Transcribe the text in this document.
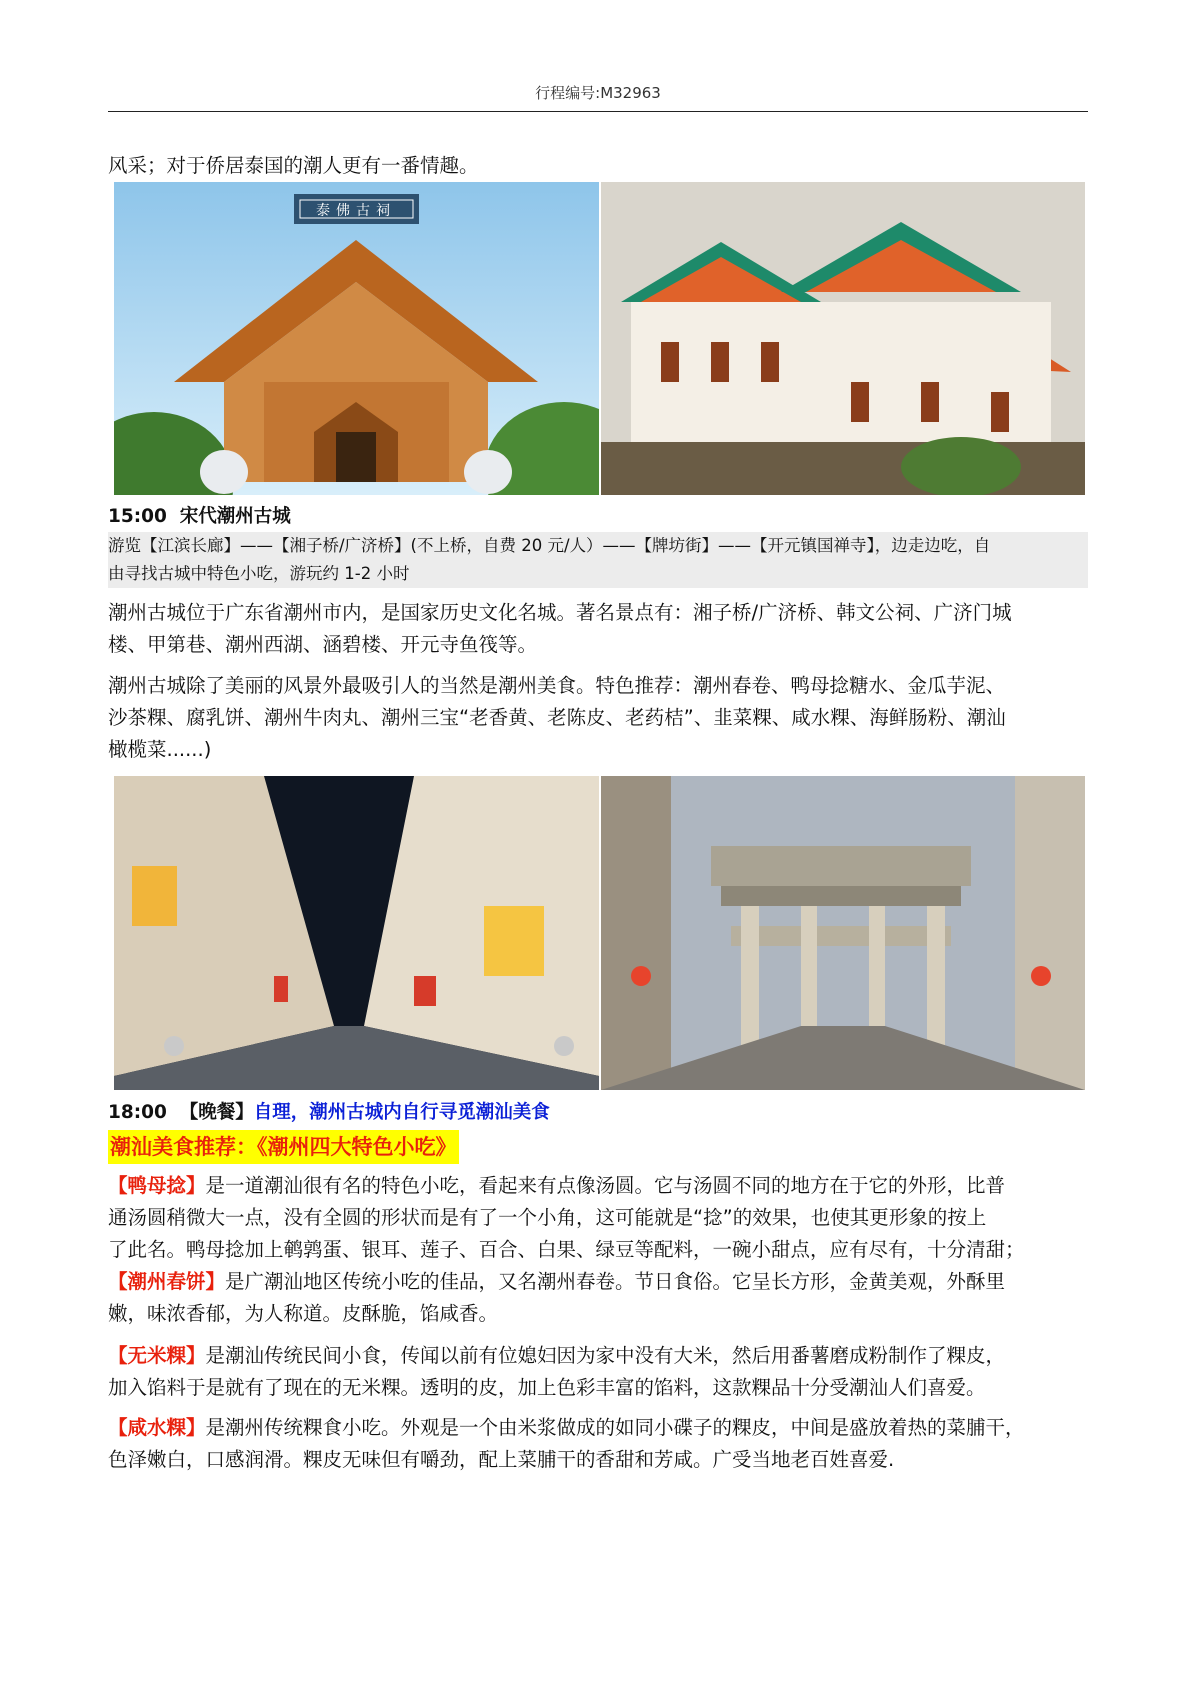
行程编号:M32963
风采；对于侨居泰国的潮人更有一番情趣。
泰佛古祠
15:00 宋代潮州古城
游览【江滨长廊】——【湘子桥/广济桥】(不上桥，自费 20 元/人）——【牌坊街】——【开元镇国禅寺】，边走边吃，自
由寻找古城中特色小吃，游玩约 1-2 小时
潮州古城位于广东省潮州市内，是国家历史文化名城。著名景点有：湘子桥/广济桥、韩文公祠、广济门城
楼、甲第巷、潮州西湖、涵碧楼、开元寺鱼筏等。
潮州古城除了美丽的风景外最吸引人的当然是潮州美食。特色推荐：潮州春卷、鸭母捻糖水、金瓜芋泥、
沙茶粿、腐乳饼、潮州牛肉丸、潮州三宝“老香黄、老陈皮、老药桔”、韭菜粿、咸水粿、海鲜肠粉、潮汕
橄榄菜......)
18:00 【晚餐】自理，潮州古城内自行寻觅潮汕美食
潮汕美食推荐：《潮州四大特色小吃》
【鸭母捻】是一道潮汕很有名的特色小吃，看起来有点像汤圆。它与汤圆不同的地方在于它的外形，比普
通汤圆稍微大一点，没有全圆的形状而是有了一个小角，这可能就是“捻”的效果，也使其更形象的按上
了此名。鸭母捻加上鹌鹑蛋、银耳、莲子、百合、白果、绿豆等配料，一碗小甜点，应有尽有，十分清甜；
【潮州春饼】是广潮汕地区传统小吃的佳品，又名潮州春卷。节日食俗。它呈长方形，金黄美观，外酥里
嫩，味浓香郁，为人称道。皮酥脆，馅咸香。
【无米粿】是潮汕传统民间小食，传闻以前有位媳妇因为家中没有大米，然后用番薯磨成粉制作了粿皮，
加入馅料于是就有了现在的无米粿。透明的皮，加上色彩丰富的馅料，这款粿品十分受潮汕人们喜爱。
【咸水粿】是潮州传统粿食小吃。外观是一个由米浆做成的如同小碟子的粿皮，中间是盛放着热的菜脯干，
色泽嫩白，口感润滑。粿皮无味但有嚼劲，配上菜脯干的香甜和芳咸。广受当地老百姓喜爱.
